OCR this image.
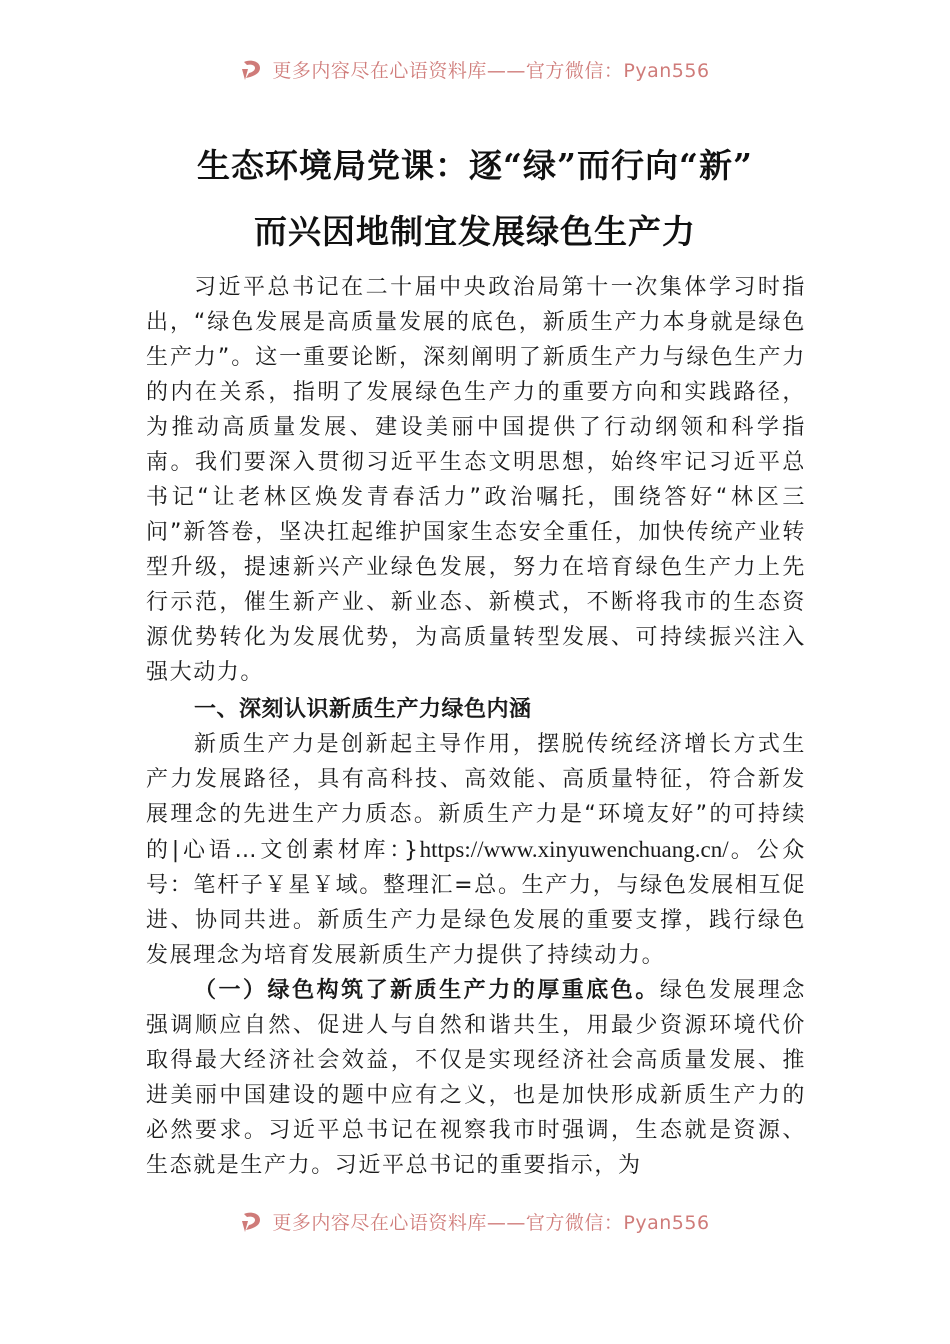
更多内容尽在心语资料库——官方微信：Pyan556
生态环境局党课：逐“绿”而行向“新”
而兴因地制宜发展绿色生产力

习近平总书记在二十届中央政治局第十一次集体学习时指出，“绿色发展是高质量发展的底色，新质生产力本身就是绿色生产力”。这一重要论断，深刻阐明了新质生产力与绿色生产力的内在关系，指明了发展绿色生产力的重要方向和实践路径，为推动高质量发展、建设美丽中国提供了行动纲领和科学指南。我们要深入贯彻习近平生态文明思想，始终牢记习近平总书记“让老林区焕发青春活力”政治嘱托，围绕答好“林区三问”新答卷，坚决扛起维护国家生态安全重任，加快传统产业转型升级，提速新兴产业绿色发展，努力在培育绿色生产力上先行示范，催生新产业、新业态、新模式，不断将我市的生态资源优势转化为发展优势，为高质量转型发展、可持续振兴注入强大动力。

一、深刻认识新质生产力绿色内涵

新质生产力是创新起主导作用，摆脱传统经济增长方式生产力发展路径，具有高科技、高效能、高质量特征，符合新发展理念的先进生产力质态。新质生产力是“环境友好”的可持续的|心语…文创素材库：}https://www.xinyuwenchuang.cn/。公众号：笔杆子￥星￥域。整理汇=总。生产力，与绿色发展相互促进、协同共进。新质生产力是绿色发展的重要支撑，践行绿色发展理念为培育发展新质生产力提供了持续动力。

（一）绿色构筑了新质生产力的厚重底色。绿色发展理念强调顺应自然、促进人与自然和谐共生，用最少资源环境代价取得最大经济社会效益，不仅是实现经济社会高质量发展、推进美丽中国建设的题中应有之义，也是加快形成新质生产力的必然要求。习近平总书记在视察我市时强调，生态就是资源、生态就是生产力。习近平总书记的重要指示，为

更多内容尽在心语资料库——官方微信：Pyan556
